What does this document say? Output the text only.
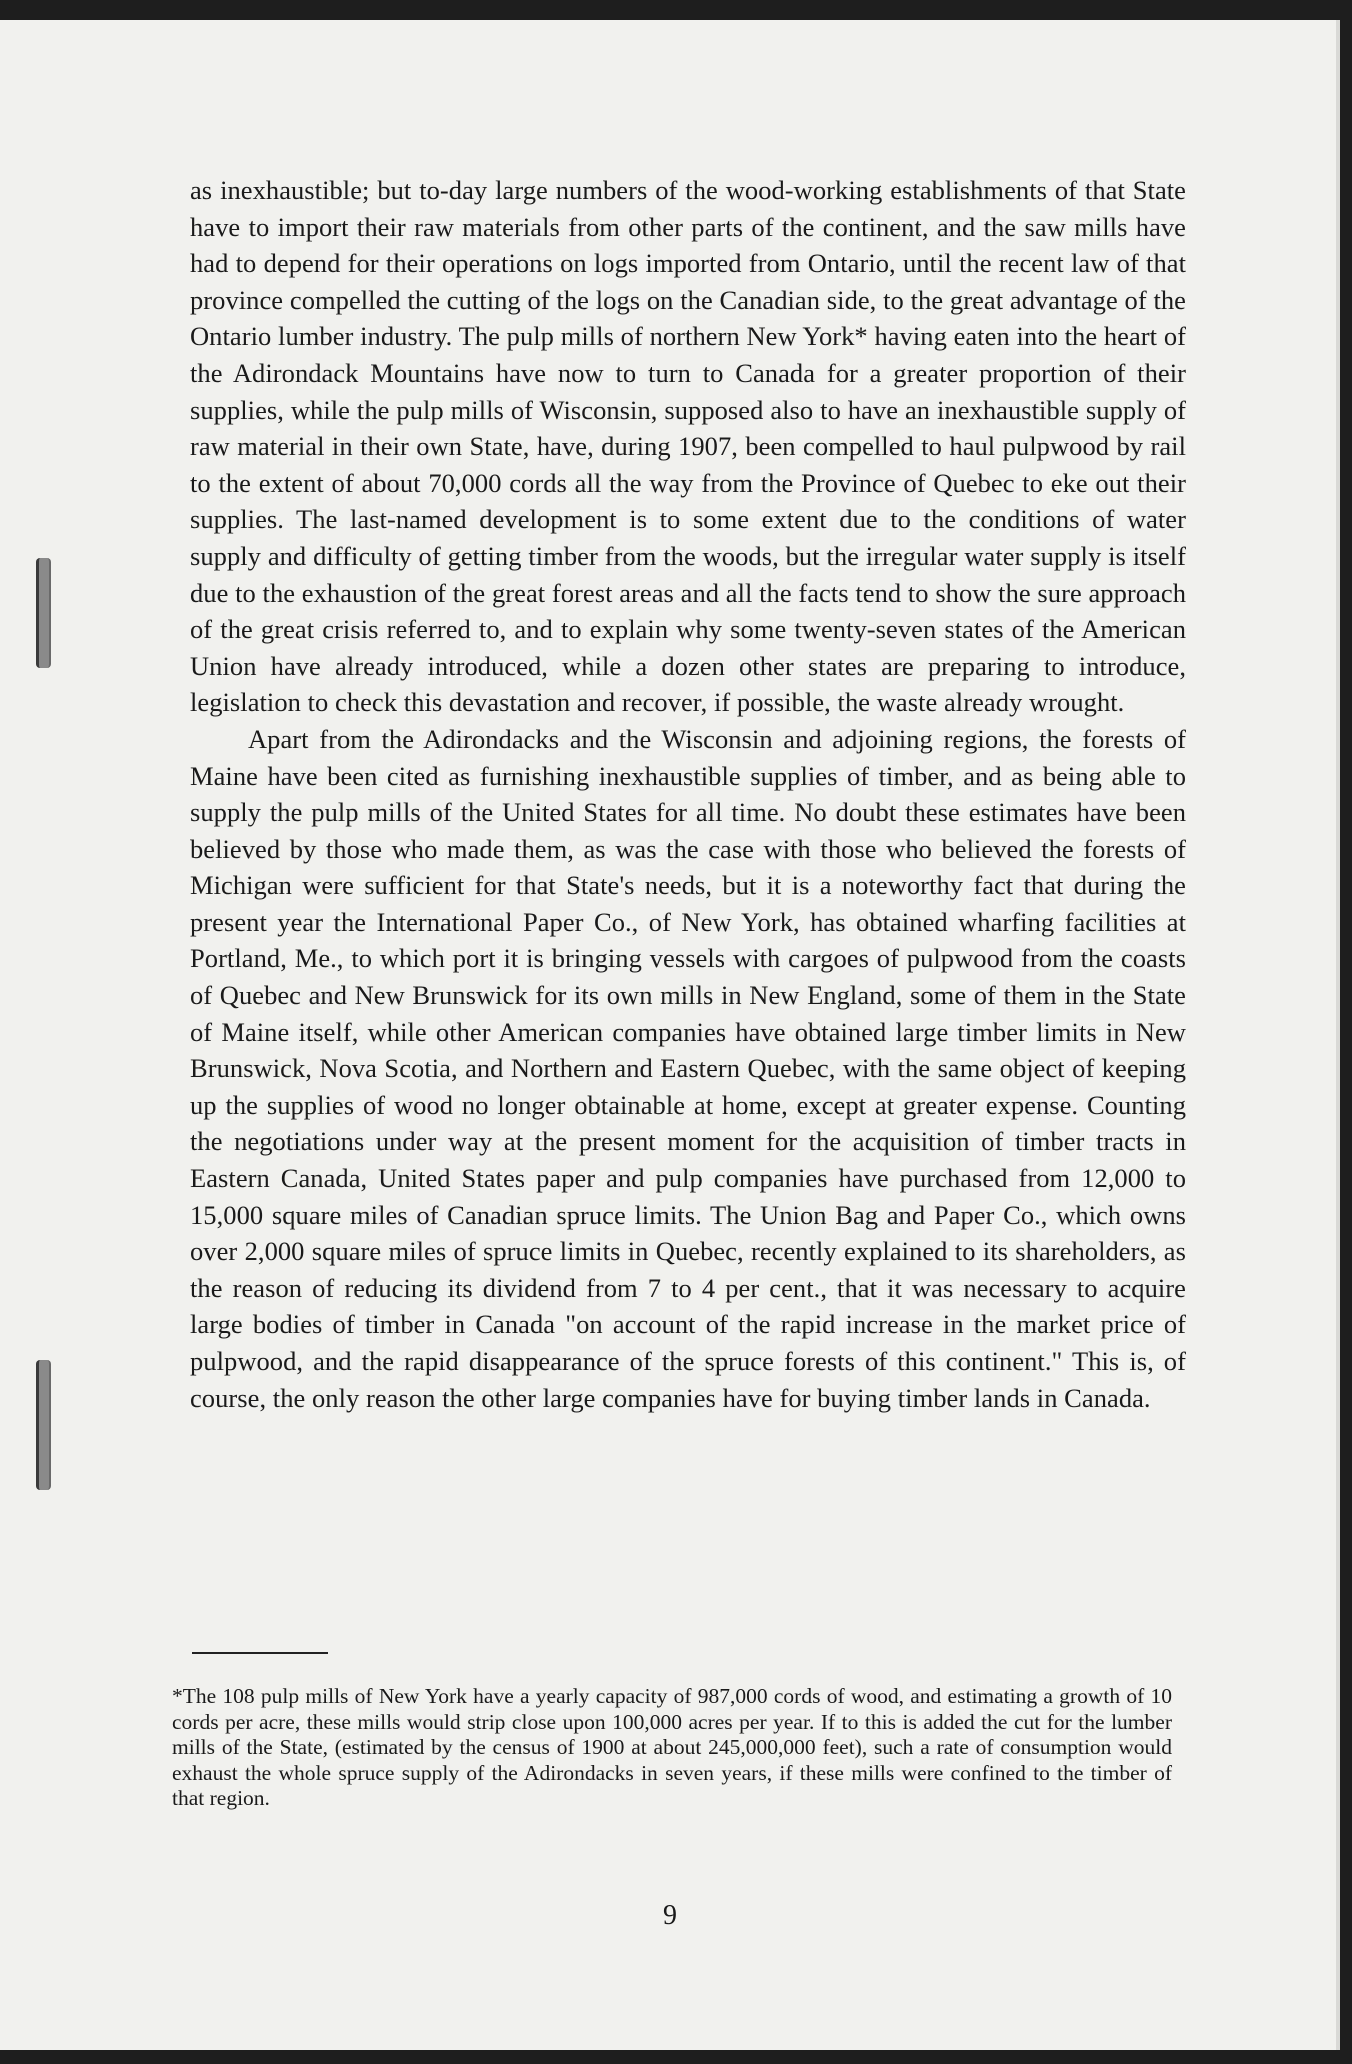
as inexhaustible; but to-day large numbers of the wood-working establishments of that State have to import their raw materials from other parts of the continent, and the saw mills have had to depend for their operations on logs imported from Ontario, until the recent law of that province compelled the cutting of the logs on the Canadian side, to the great advantage of the Ontario lumber industry. The pulp mills of northern New York* having eaten into the heart of the Adirondack Mountains have now to turn to Canada for a greater proportion of their supplies, while the pulp mills of Wisconsin, supposed also to have an inexhaustible supply of raw material in their own State, have, during 1907, been compelled to haul pulpwood by rail to the extent of about 70,000 cords all the way from the Province of Quebec to eke out their supplies. The last-named development is to some extent due to the conditions of water supply and difficulty of getting timber from the woods, but the irregular water supply is itself due to the exhaustion of the great forest areas and all the facts tend to show the sure approach of the great crisis referred to, and to explain why some twenty-seven states of the American Union have already introduced, while a dozen other states are preparing to introduce, legislation to check this devastation and recover, if possible, the waste already wrought.

Apart from the Adirondacks and the Wisconsin and adjoining regions, the forests of Maine have been cited as furnishing inexhaustible supplies of timber, and as being able to supply the pulp mills of the United States for all time. No doubt these estimates have been believed by those who made them, as was the case with those who believed the forests of Michigan were sufficient for that State's needs, but it is a noteworthy fact that during the present year the International Paper Co., of New York, has obtained wharfing facilities at Portland, Me., to which port it is bringing vessels with cargoes of pulpwood from the coasts of Quebec and New Brunswick for its own mills in New England, some of them in the State of Maine itself, while other American companies have obtained large timber limits in New Brunswick, Nova Scotia, and Northern and Eastern Quebec, with the same object of keeping up the supplies of wood no longer obtainable at home, except at greater expense. Counting the negotiations under way at the present moment for the acquisition of timber tracts in Eastern Canada, United States paper and pulp companies have purchased from 12,000 to 15,000 square miles of Canadian spruce limits. The Union Bag and Paper Co., which owns over 2,000 square miles of spruce limits in Quebec, recently explained to its shareholders, as the reason of reducing its dividend from 7 to 4 per cent., that it was necessary to acquire large bodies of timber in Canada "on account of the rapid increase in the market price of pulpwood, and the rapid disappearance of the spruce forests of this continent." This is, of course, the only reason the other large companies have for buying timber lands in Canada.

*The 108 pulp mills of New York have a yearly capacity of 987,000 cords of wood, and estimating a growth of 10 cords per acre, these mills would strip close upon 100,000 acres per year. If to this is added the cut for the lumber mills of the State, (estimated by the census of 1900 at about 245,000,000 feet), such a rate of consumption would exhaust the whole spruce supply of the Adirondacks in seven years, if these mills were confined to the timber of that region.
9
